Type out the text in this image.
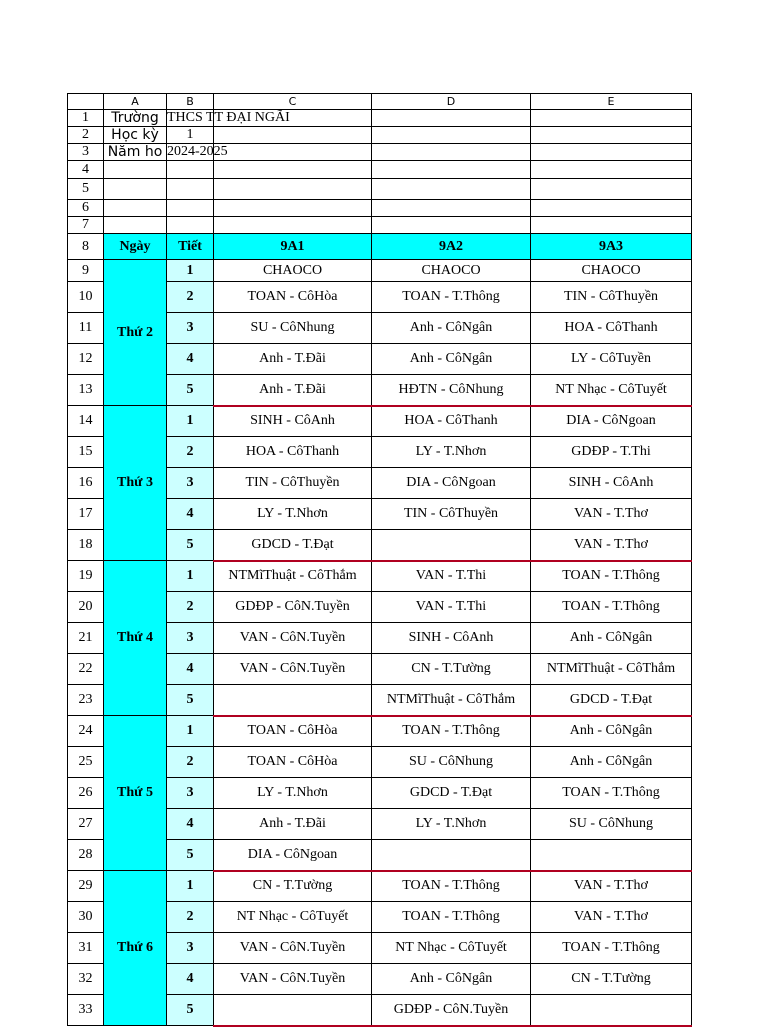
	A	B	C	D	E
1	Trường	THCS TT ĐẠI NGÃI			
2	Học kỳ	1			
3	Năm ho	2024-2025			
4					
5					
6					
7					
8	Ngày	Tiết	9A1	9A2	9A3
9	Thứ 2	1	CHAOCO	CHAOCO	CHAOCO
10		2	TOAN - CôHòa	TOAN - T.Thông	TIN - CôThuyền
11		3	SU - CôNhung	Anh - CôNgân	HOA - CôThanh
12		4	Anh - T.Đãi	Anh - CôNgân	LY - CôTuyền
13		5	Anh - T.Đãi	HĐTN - CôNhung	NT Nhạc - CôTuyết
14	Thứ 3	1	SINH - CôAnh	HOA - CôThanh	DIA - CôNgoan
15		2	HOA - CôThanh	LY - T.Nhơn	GDĐP - T.Thi
16		3	TIN - CôThuyền	DIA - CôNgoan	SINH - CôAnh
17		4	LY - T.Nhơn	TIN - CôThuyền	VAN - T.Thơ
18		5	GDCD - T.Đạt		VAN - T.Thơ
19	Thứ 4	1	NTMĩThuật - CôThắm	VAN - T.Thi	TOAN - T.Thông
20		2	GDĐP - CôN.Tuyền	VAN - T.Thi	TOAN - T.Thông
21		3	VAN - CôN.Tuyền	SINH - CôAnh	Anh - CôNgân
22		4	VAN - CôN.Tuyền	CN - T.Tường	NTMĩThuật - CôThắm
23		5		NTMĩThuật - CôThắm	GDCD - T.Đạt
24	Thứ 5	1	TOAN - CôHòa	TOAN - T.Thông	Anh - CôNgân
25		2	TOAN - CôHòa	SU - CôNhung	Anh - CôNgân
26		3	LY - T.Nhơn	GDCD - T.Đạt	TOAN - T.Thông
27		4	Anh - T.Đãi	LY - T.Nhơn	SU - CôNhung
28		5	DIA - CôNgoan		
29	Thứ 6	1	CN - T.Tường	TOAN - T.Thông	VAN - T.Thơ
30		2	NT Nhạc - CôTuyết	TOAN - T.Thông	VAN - T.Thơ
31		3	VAN - CôN.Tuyền	NT Nhạc - CôTuyết	TOAN - T.Thông
32		4	VAN - CôN.Tuyền	Anh - CôNgân	CN - T.Tường
33		5		GDĐP - CôN.Tuyền	
